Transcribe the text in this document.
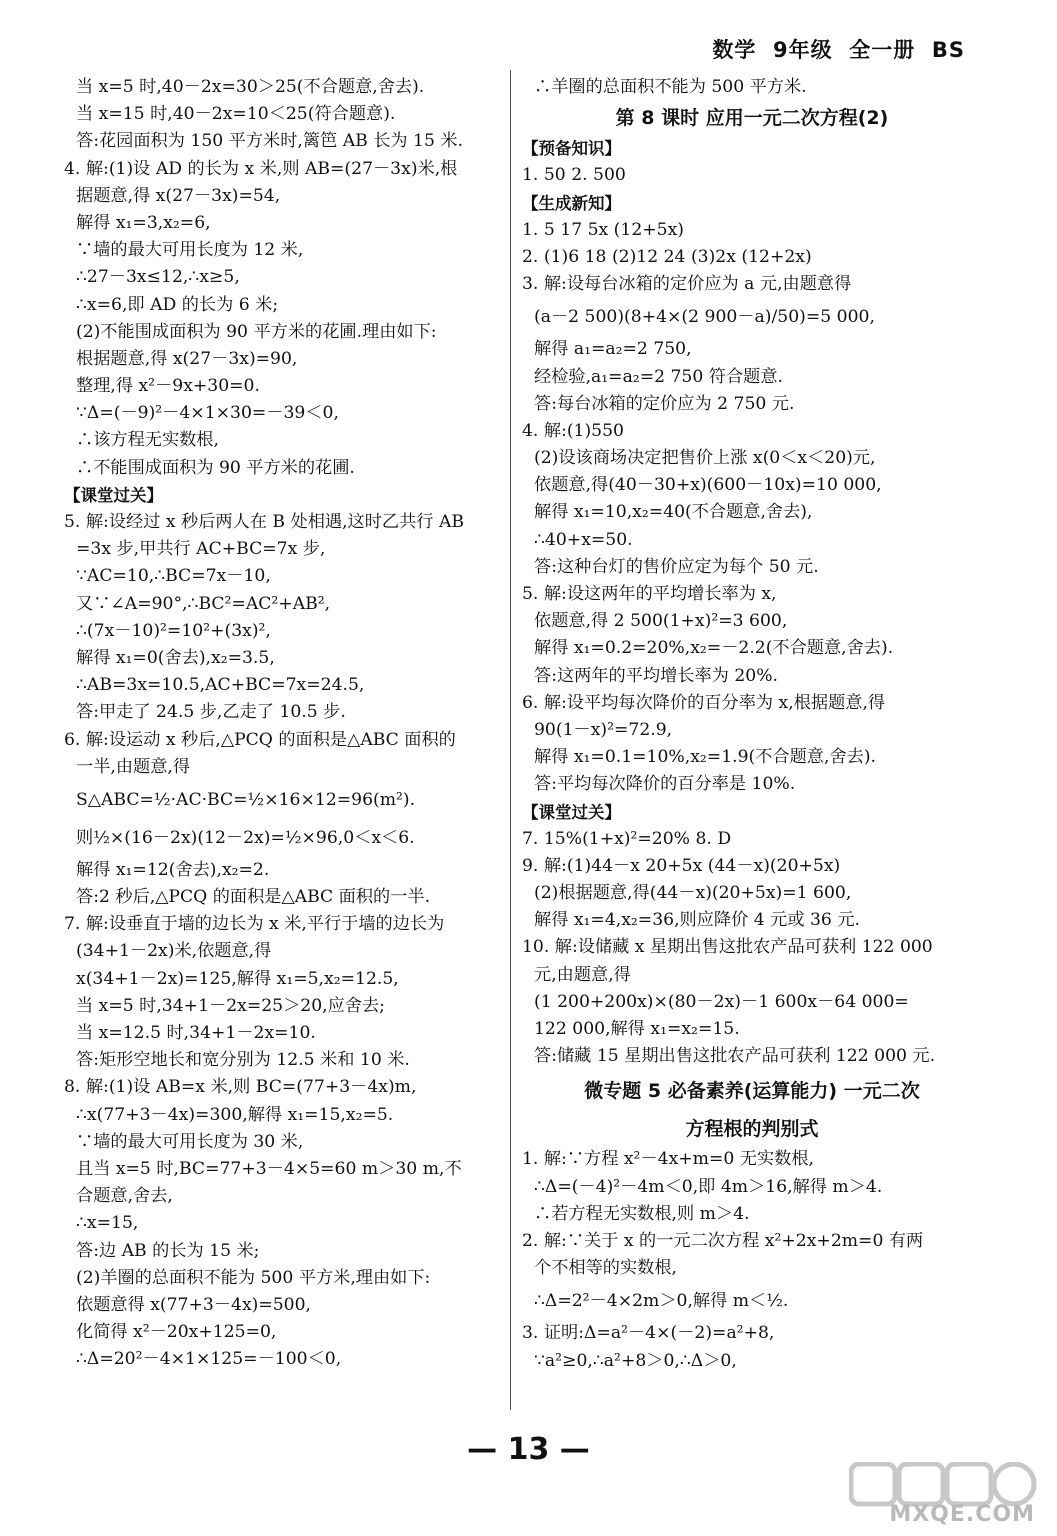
数学  9年级  全一册  BS
当 x=5 时,40－2x=30＞25(不合题意,舍去).
当 x=15 时,40－2x=10＜25(符合题意).
答:花园面积为 150 平方米时,篱笆 AB 长为 15 米.
4. 解:(1)设 AD 的长为 x 米,则 AB=(27－3x)米,根
据题意,得 x(27－3x)=54,
解得 x₁=3,x₂=6,
∵墙的最大可用长度为 12 米,
∴27－3x≤12,∴x≥5,
∴x=6,即 AD 的长为 6 米;
(2)不能围成面积为 90 平方米的花圃.理由如下:
根据题意,得 x(27－3x)=90,
整理,得 x²－9x+30=0.
∵Δ=(－9)²－4×1×30=－39＜0,
∴该方程无实数根,
∴不能围成面积为 90 平方米的花圃.
【课堂过关】
5. 解:设经过 x 秒后两人在 B 处相遇,这时乙共行 AB
=3x 步,甲共行 AC+BC=7x 步,
∵AC=10,∴BC=7x－10,
又∵∠A=90°,∴BC²=AC²+AB²,
∴(7x－10)²=10²+(3x)²,
解得 x₁=0(舍去),x₂=3.5,
∴AB=3x=10.5,AC+BC=7x=24.5,
答:甲走了 24.5 步,乙走了 10.5 步.
6. 解:设运动 x 秒后,△PCQ 的面积是△ABC 面积的
一半,由题意,得
S△ABC=½·AC·BC=½×16×12=96(m²).
则½×(16－2x)(12－2x)=½×96,0＜x＜6.
解得 x₁=12(舍去),x₂=2.
答:2 秒后,△PCQ 的面积是△ABC 面积的一半.
7. 解:设垂直于墙的边长为 x 米,平行于墙的边长为
(34+1－2x)米,依题意,得
x(34+1－2x)=125,解得 x₁=5,x₂=12.5,
当 x=5 时,34+1－2x=25＞20,应舍去;
当 x=12.5 时,34+1－2x=10.
答:矩形空地长和宽分别为 12.5 米和 10 米.
8. 解:(1)设 AB=x 米,则 BC=(77+3－4x)m,
∴x(77+3－4x)=300,解得 x₁=15,x₂=5.
∵墙的最大可用长度为 30 米,
且当 x=5 时,BC=77+3－4×5=60 m＞30 m,不
合题意,舍去,
∴x=15,
答:边 AB 的长为 15 米;
(2)羊圈的总面积不能为 500 平方米,理由如下:
依题意得 x(77+3－4x)=500,
化简得 x²－20x+125=0,
∴Δ=20²－4×1×125=－100＜0,
∴羊圈的总面积不能为 500 平方米.
第 8 课时 应用一元二次方程(2)
【预备知识】
1. 50 2. 500
【生成新知】
1. 5 17 5x (12+5x)
2. (1)6 18 (2)12 24 (3)2x (12+2x)
3. 解:设每台冰箱的定价应为 a 元,由题意得
(a－2 500)(8+4×(2 900－a)/50)=5 000,
解得 a₁=a₂=2 750,
经检验,a₁=a₂=2 750 符合题意.
答:每台冰箱的定价应为 2 750 元.
4. 解:(1)550
(2)设该商场决定把售价上涨 x(0＜x＜20)元,
依题意,得(40－30+x)(600－10x)=10 000,
解得 x₁=10,x₂=40(不合题意,舍去),
∴40+x=50.
答:这种台灯的售价应定为每个 50 元.
5. 解:设这两年的平均增长率为 x,
依题意,得 2 500(1+x)²=3 600,
解得 x₁=0.2=20%,x₂=－2.2(不合题意,舍去).
答:这两年的平均增长率为 20%.
6. 解:设平均每次降价的百分率为 x,根据题意,得
90(1－x)²=72.9,
解得 x₁=0.1=10%,x₂=1.9(不合题意,舍去).
答:平均每次降价的百分率是 10%.
【课堂过关】
7. 15%(1+x)²=20% 8. D
9. 解:(1)44－x 20+5x (44－x)(20+5x)
(2)根据题意,得(44－x)(20+5x)=1 600,
解得 x₁=4,x₂=36,则应降价 4 元或 36 元.
10. 解:设储藏 x 星期出售这批农产品可获利 122 000
元,由题意,得
(1 200+200x)×(80－2x)－1 600x－64 000=
122 000,解得 x₁=x₂=15.
答:储藏 15 星期出售这批农产品可获利 122 000 元.
微专题 5 必备素养(运算能力) 一元二次
方程根的判别式
1. 解:∵方程 x²－4x+m=0 无实数根,
∴Δ=(－4)²－4m＜0,即 4m＞16,解得 m＞4.
∴若方程无实数根,则 m＞4.
2. 解:∵关于 x 的一元二次方程 x²+2x+2m=0 有两
个不相等的实数根,
∴Δ=2²－4×2m＞0,解得 m＜½.
3. 证明:Δ=a²－4×(－2)=a²+8,
∵a²≥0,∴a²+8＞0,∴Δ＞0,
— 13 —
MXQE.COM
